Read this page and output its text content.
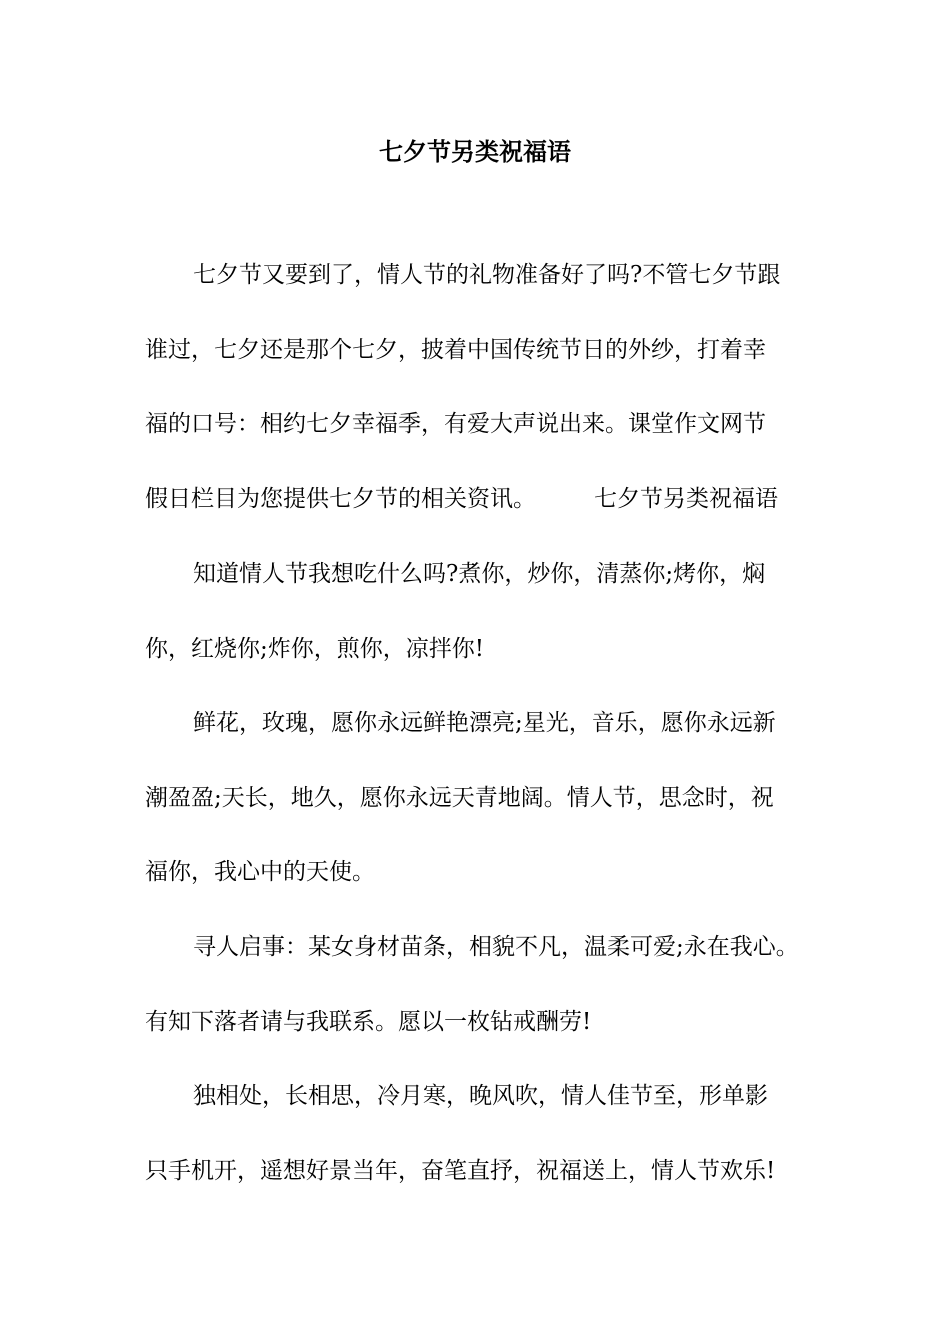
七夕节另类祝福语
七夕节又要到了，情人节的礼物准备好了吗?不管七夕节跟
谁过，七夕还是那个七夕，披着中国传统节日的外纱，打着幸
福的口号：相约七夕幸福季，有爱大声说出来。课堂作文网节
假日栏目为您提供七夕节的相关资讯。	七夕节另类祝福语
知道情人节我想吃什么吗?煮你，炒你，清蒸你;烤你，焖
你，红烧你;炸你，煎你，凉拌你!
鲜花，玫瑰，愿你永远鲜艳漂亮;星光，音乐，愿你永远新
潮盈盈;天长，地久，愿你永远天青地阔。情人节，思念时，祝
福你，我心中的天使。
寻人启事：某女身材苗条，相貌不凡，温柔可爱;永在我心。
有知下落者请与我联系。愿以一枚钻戒酬劳!
独相处，长相思，冷月寒，晚风吹，情人佳节至，形单影
只手机开，遥想好景当年，奋笔直抒，祝福送上，情人节欢乐!
